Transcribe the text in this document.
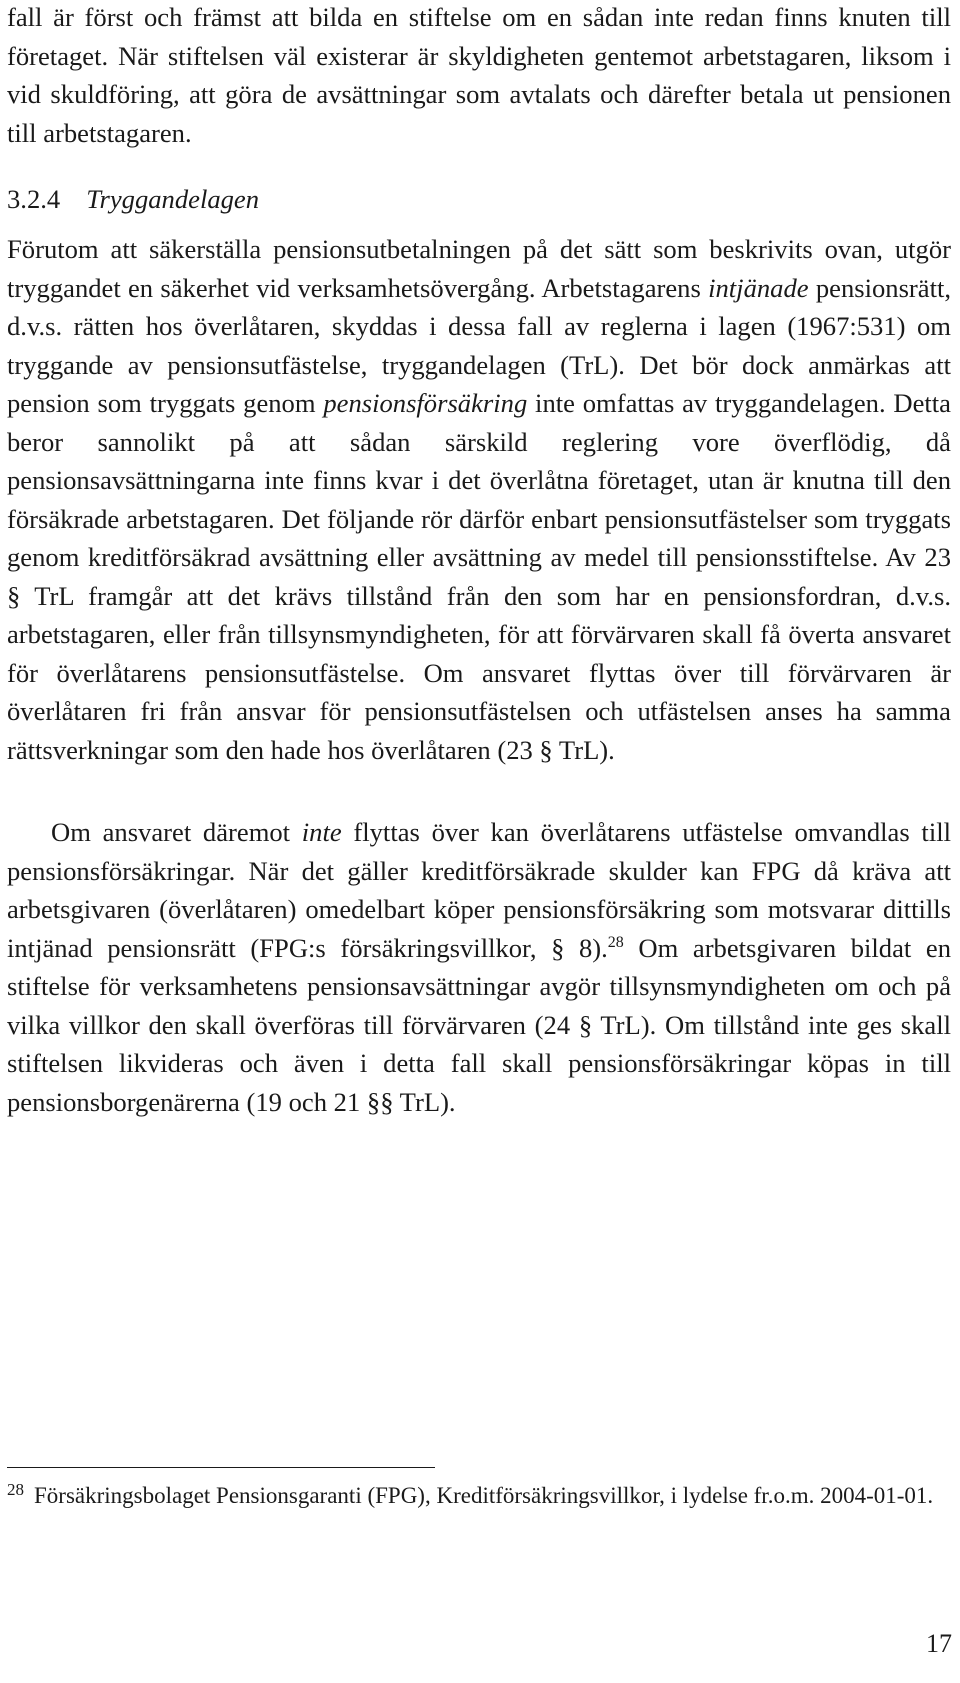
fall är först och främst att bilda en stiftelse om en sådan inte redan finns knuten till företaget. När stiftelsen väl existerar är skyldigheten gentemot arbetstagaren, liksom i vid skuldföring, att göra de avsättningar som avtalats och därefter betala ut pensionen till arbetstagaren.

3.2.4 Tryggandelagen

Förutom att säkerställa pensionsutbetalningen på det sätt som beskrivits ovan, utgör tryggandet en säkerhet vid verksamhetsövergång. Arbetstagarens intjänade pensionsrätt, d.v.s. rätten hos överlåtaren, skyddas i dessa fall av reglerna i lagen (1967:531) om tryggande av pensionsutfästelse, tryggandelagen (TrL). Det bör dock anmärkas att pension som tryggats genom pensionsförsäkring inte omfattas av tryggandelagen. Detta beror sannolikt på att sådan särskild reglering vore överflödig, då pensionsavsättningarna inte finns kvar i det överlåtna företaget, utan är knutna till den försäkrade arbetstagaren. Det följande rör därför enbart pensionsutfästelser som tryggats genom kreditförsäkrad avsättning eller avsättning av medel till pensionsstiftelse. Av 23 § TrL framgår att det krävs tillstånd från den som har en pensionsfordran, d.v.s. arbetstagaren, eller från tillsynsmyndigheten, för att förvärvaren skall få överta ansvaret för överlåtarens pensionsutfästelse. Om ansvaret flyttas över till förvärvaren är överlåtaren fri från ansvar för pensionsutfästelsen och utfästelsen anses ha samma rättsverkningar som den hade hos överlåtaren (23 § TrL).

Om ansvaret däremot inte flyttas över kan överlåtarens utfästelse omvandlas till pensionsförsäkringar. När det gäller kreditförsäkrade skulder kan FPG då kräva att arbetsgivaren (överlåtaren) omedelbart köper pensionsförsäkring som motsvarar dittills intjänad pensionsrätt (FPG:s försäkringsvillkor, § 8).$^{28}$ Om arbetsgivaren bildat en stiftelse för verksamhetens pensionsavsättningar avgör tillsynsmyndigheten om och på vilka villkor den skall överföras till förvärvaren (24 § TrL). Om tillstånd inte ges skall stiftelsen likvideras och även i detta fall skall pensionsförsäkringar köpas in till pensionsborgenärerna (19 och 21 §§ TrL).

$^{28}$ Försäkringsbolaget Pensionsgaranti (FPG), Kreditförsäkringsvillkor, i lydelse fr.o.m. 2004-01-01.
17
